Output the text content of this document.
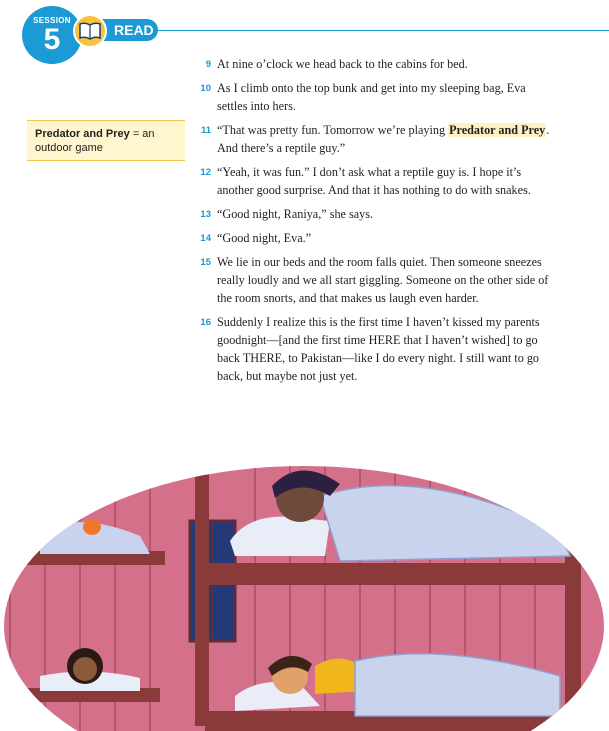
SESSION
5	READ
Predator and Prey = an outdoor game
9 At nine o’clock we head back to the cabins for bed.
10 As I climb onto the top bunk and get into my sleeping bag, Eva settles into hers.
11 “That was pretty fun. Tomorrow we’re playing Predator and Prey. And there’s a reptile guy.”
12 “Yeah, it was fun.” I don’t ask what a reptile guy is. I hope it’s another good surprise. And that it has nothing to do with snakes.
13 “Good night, Raniya,” she says.
14 “Good night, Eva.”
15 We lie in our beds and the room falls quiet. Then someone sneezes really loudly and we all start giggling. Someone on the other side of the room snorts, and that makes us laugh even harder.
16 Suddenly I realize this is the first time I haven’t kissed my parents goodnight—[and the first time HERE that I haven’t wished] to go back THERE, to Pakistan—like I do every night. I still want to go back, but maybe not just yet.
